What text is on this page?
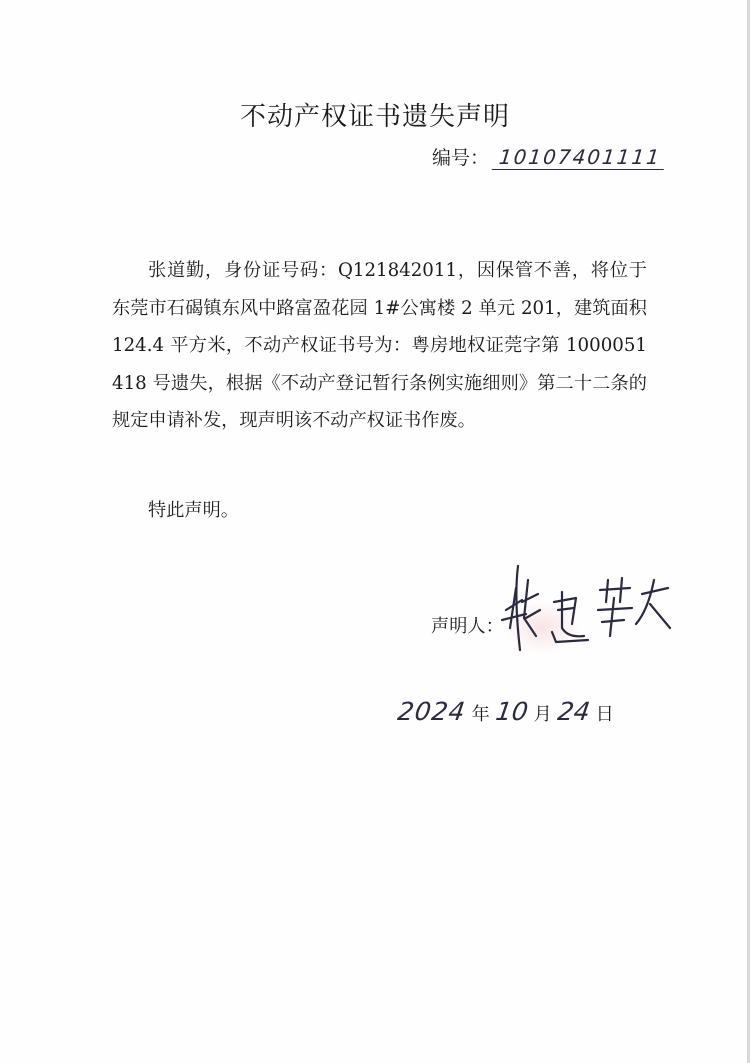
不动产权证书遗失声明
编号： 10107401111
张道勤，身份证号码：Q121842011，因保管不善，将位于东莞市石碣镇东风中路富盈花园 1#公寓楼 2 单元 201，建筑面积 124.4 平方米，不动产权证书号为：粤房地权证莞字第 1000051418 号遗失，根据《不动产登记暂行条例实施细则》第二十二条的规定申请补发，现声明该不动产权证书作废。
特此声明。
声明人：
2024 年 10 月 24 日
